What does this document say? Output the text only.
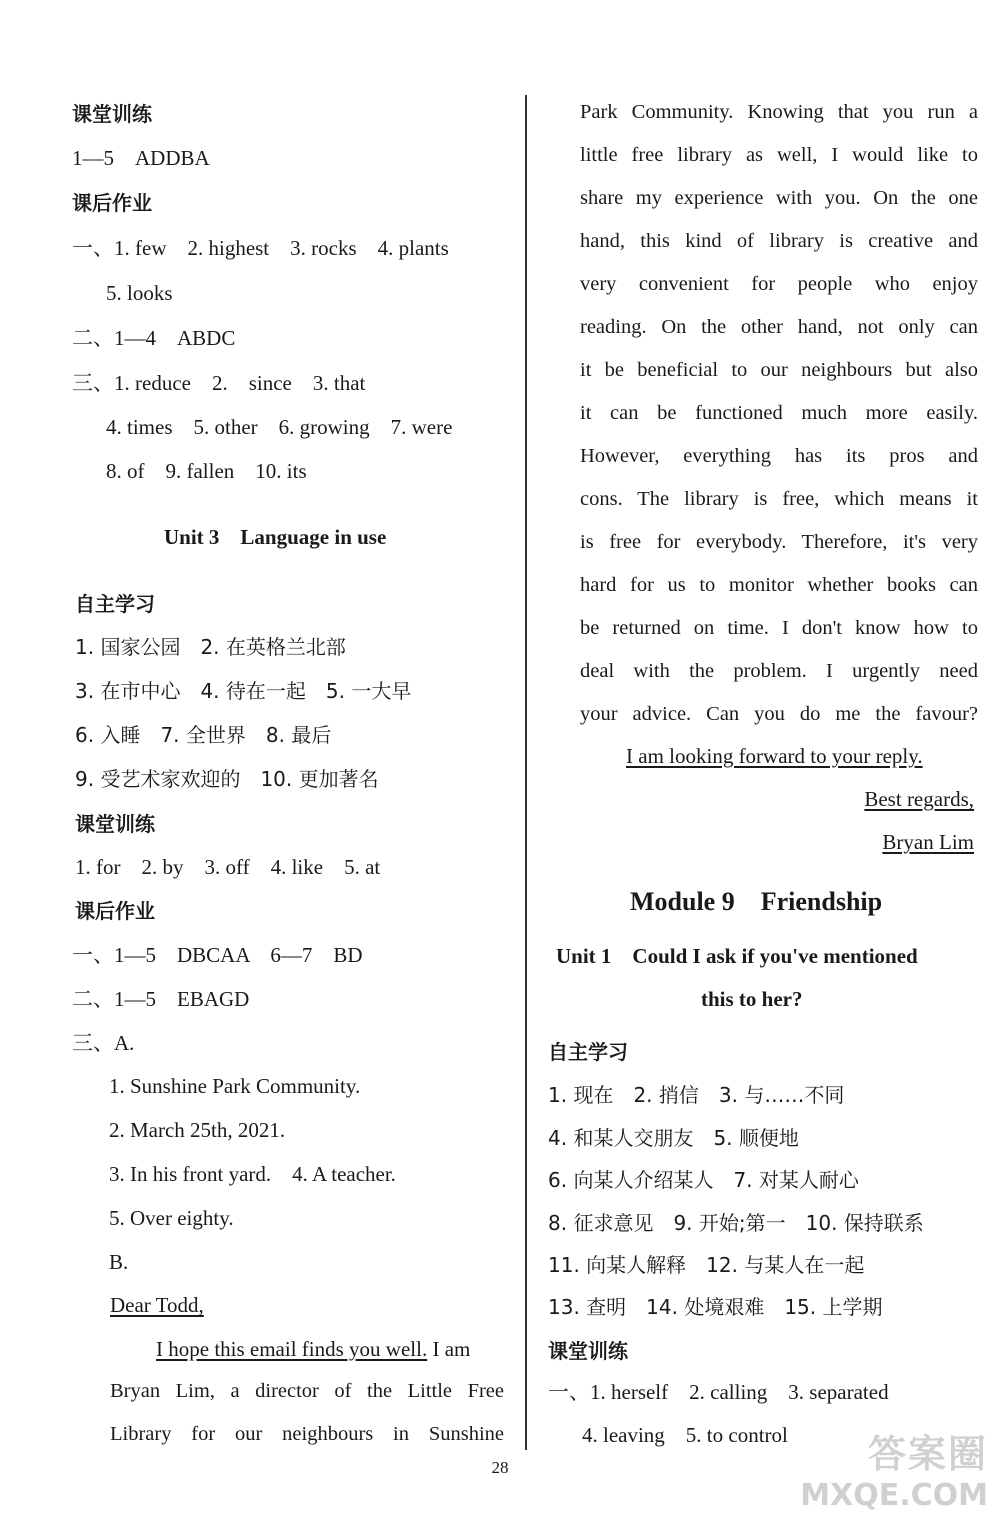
课堂训练
1—5　ADDBA
课后作业
一、1. few　2. highest　3. rocks　4. plants
5. looks
二、1—4　ABDC
三、1. reduce　2.　since　3. that
4. times　5. other　6. growing　7. were
8. of　9. fallen　10. its
Unit 3　Language in use
自主学习
1. 国家公园　2. 在英格兰北部
3. 在市中心　4. 待在一起　5. 一大早
6. 入睡　7. 全世界　8. 最后
9. 受艺术家欢迎的　10. 更加著名
课堂训练
1. for　2. by　3. off　4. like　5. at
课后作业
一、1—5　DBCAA　6—7　BD
二、1—5　EBAGD
三、A.
1. Sunshine Park Community.
2. March 25th, 2021.
3. In his front yard.　4. A teacher.
5. Over eighty.
B.
Dear Todd,
I hope this email finds you well. I am
Bryan Lim, a director of the Little Free
Library for our neighbours in Sunshine
Park Community. Knowing that you run a
little free library as well, I would like to
share my experience with you. On the one
hand, this kind of library is creative and
very convenient for people who enjoy
reading. On the other hand, not only can
it be beneficial to our neighbours but also
it can be functioned much more easily.
However, everything has its pros and
cons. The library is free, which means it
is free for everybody. Therefore, it's very
hard for us to monitor whether books can
be returned on time. I don't know how to
deal with the problem. I urgently need
your advice. Can you do me the favour?
I am looking forward to your reply.
Best regards,
Bryan Lim
Module 9　Friendship
Unit 1　Could I ask if you've mentioned
this to her?
自主学习
1. 现在　2. 捎信　3. 与……不同
4. 和某人交朋友　5. 顺便地
6. 向某人介绍某人　7. 对某人耐心
8. 征求意见　9. 开始;第一　10. 保持联系
11. 向某人解释　12. 与某人在一起
13. 查明　14. 处境艰难　15. 上学期
课堂训练
一、1. herself　2. calling　3. separated
4. leaving　5. to control
28	答案圈
MXQE.COM
